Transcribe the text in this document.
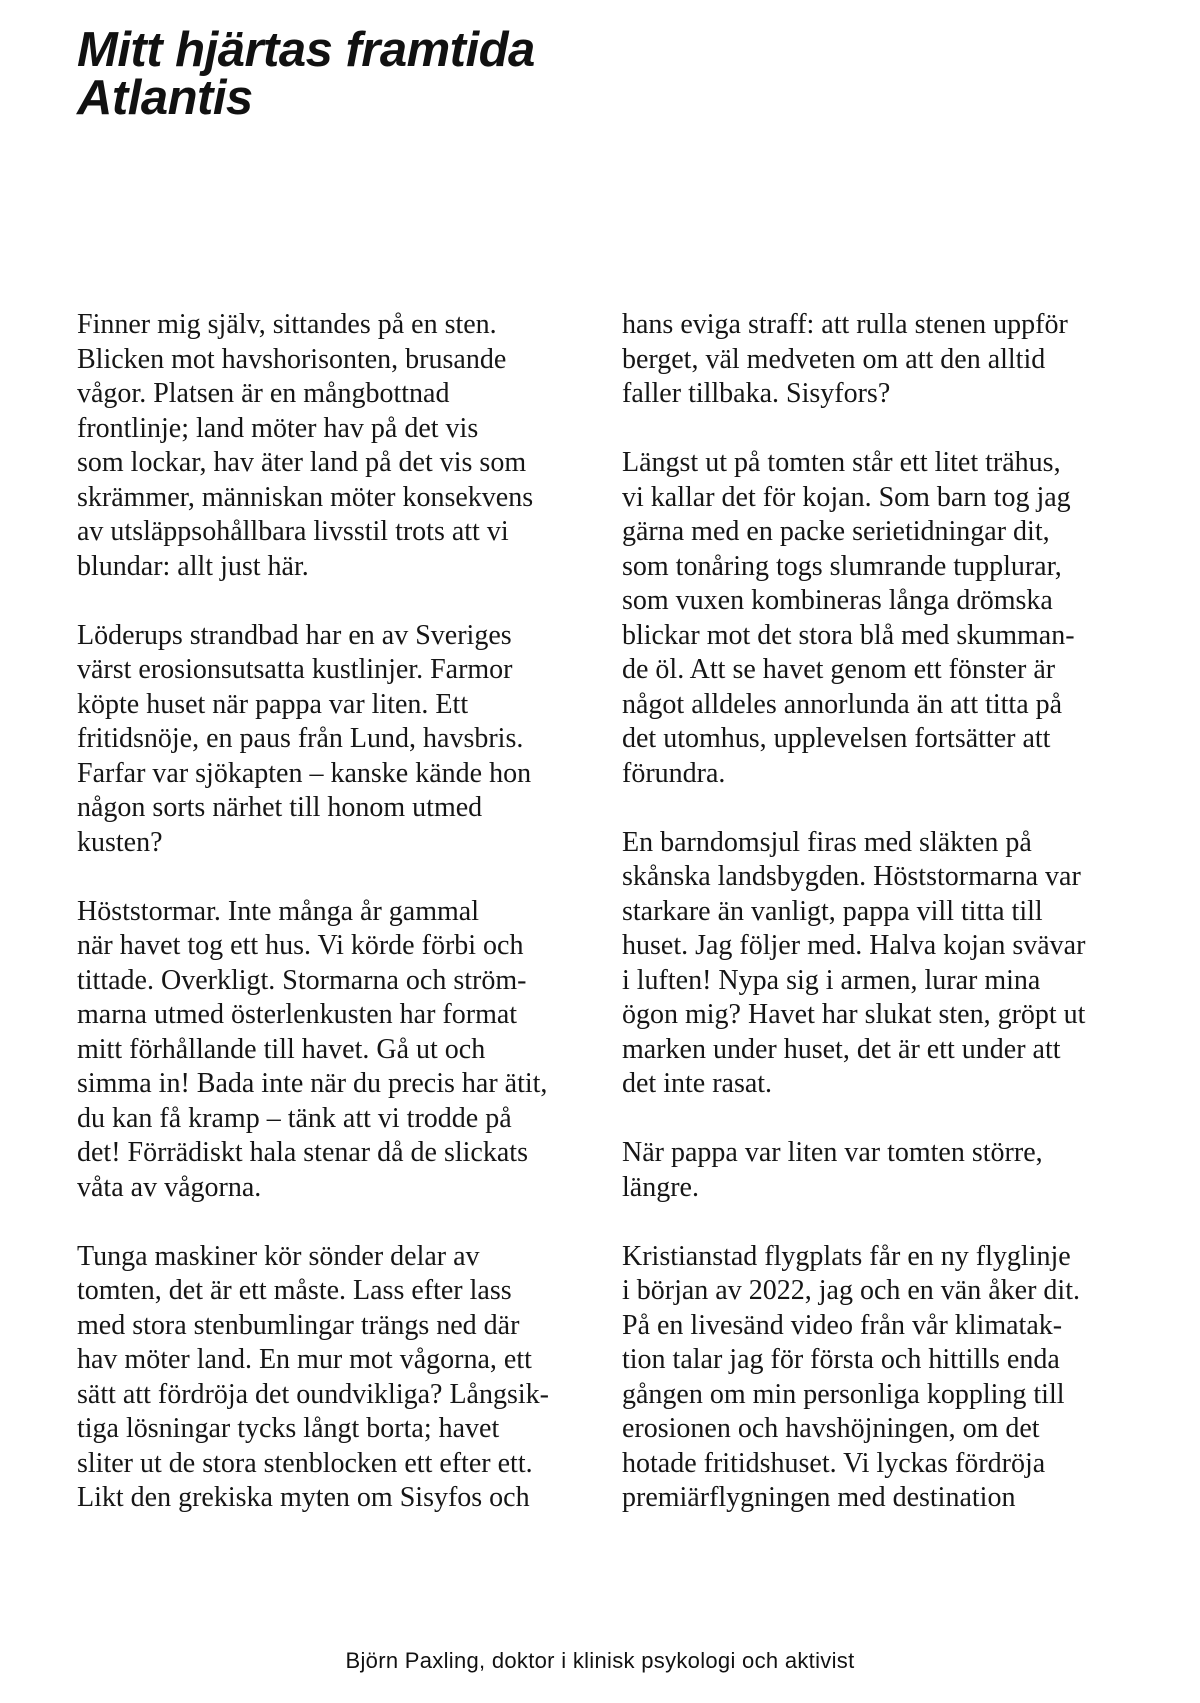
Mitt hjärtas framtida
Atlantis

Finner mig själv, sittandes på en sten.
Blicken mot havshorisonten, brusande
vågor. Platsen är en mångbottnad
frontlinje; land möter hav på det vis
som lockar, hav äter land på det vis som
skrämmer, människan möter konsekvens
av utsläppsohållbara livsstil trots att vi
blundar: allt just här.

Löderups strandbad har en av Sveriges
värst erosionsutsatta kustlinjer. Farmor
köpte huset när pappa var liten. Ett
fritidsnöje, en paus från Lund, havsbris.
Farfar var sjökapten – kanske kände hon
någon sorts närhet till honom utmed
kusten?

Höststormar. Inte många år gammal
när havet tog ett hus. Vi körde förbi och
tittade. Overkligt. Stormarna och ström-
marna utmed österlenkusten har format
mitt förhållande till havet. Gå ut och
simma in! Bada inte när du precis har ätit,
du kan få kramp – tänk att vi trodde på
det! Förrädiskt hala stenar då de slickats
våta av vågorna.

Tunga maskiner kör sönder delar av
tomten, det är ett måste. Lass efter lass
med stora stenbumlingar trängs ned där
hav möter land. En mur mot vågorna, ett
sätt att fördröja det oundvikliga? Långsik-
tiga lösningar tycks långt borta; havet
sliter ut de stora stenblocken ett efter ett.
Likt den grekiska myten om Sisyfos och

hans eviga straff: att rulla stenen uppför
berget, väl medveten om att den alltid
faller tillbaka. Sisyfors?

Längst ut på tomten står ett litet trähus,
vi kallar det för kojan. Som barn tog jag
gärna med en packe serietidningar dit,
som tonåring togs slumrande tupplurar,
som vuxen kombineras långa drömska
blickar mot det stora blå med skumman-
de öl. Att se havet genom ett fönster är
något alldeles annorlunda än att titta på
det utomhus, upplevelsen fortsätter att
förundra.

En barndomsjul firas med släkten på
skånska landsbygden. Höststormarna var
starkare än vanligt, pappa vill titta till
huset. Jag följer med. Halva kojan svävar
i luften! Nypa sig i armen, lurar mina
ögon mig? Havet har slukat sten, gröpt ut
marken under huset, det är ett under att
det inte rasat.

När pappa var liten var tomten större,
längre.

Kristianstad flygplats får en ny flyglinje
i början av 2022, jag och en vän åker dit.
På en livesänd video från vår klimatak-
tion talar jag för första och hittills enda
gången om min personliga koppling till
erosionen och havshöjningen, om det
hotade fritidshuset. Vi lyckas fördröja
premiärflygningen med destination

Björn Paxling, doktor i klinisk psykologi och aktivist
